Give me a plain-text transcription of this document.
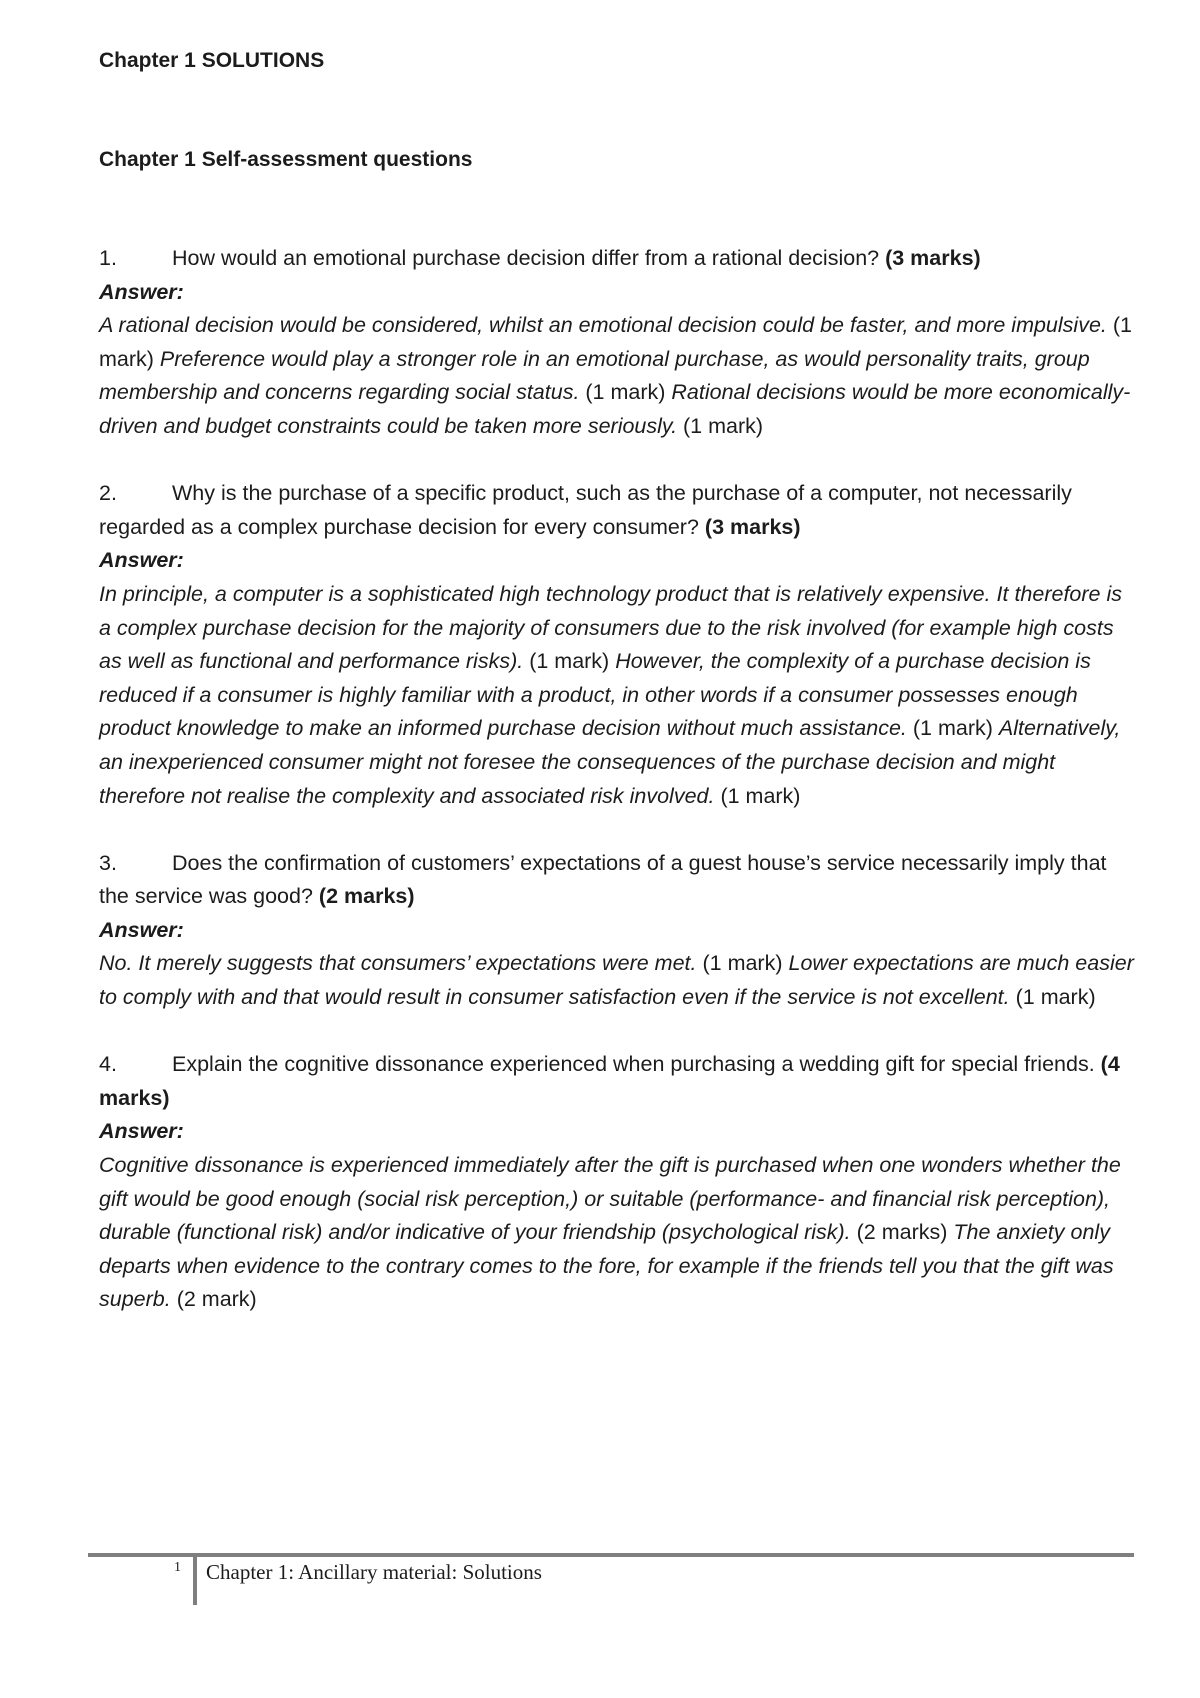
Chapter 1 SOLUTIONS
Chapter 1 Self-assessment questions

1.	How would an emotional purchase decision differ from a rational decision? (3 marks)

Answer:

A rational decision would be considered, whilst an emotional decision could be faster, and more impulsive. (1 mark) Preference would play a stronger role in an emotional purchase, as would personality traits, group membership and concerns regarding social status. (1 mark) Rational decisions would be more economically-driven and budget constraints could be taken more seriously. (1 mark)

2.	Why is the purchase of a specific product, such as the purchase of a computer, not necessarily regarded as a complex purchase decision for every consumer? (3 marks)

Answer:

In principle, a computer is a sophisticated high technology product that is relatively expensive. It therefore is a complex purchase decision for the majority of consumers due to the risk involved (for example high costs as well as functional and performance risks). (1 mark) However, the complexity of a purchase decision is reduced if a consumer is highly familiar with a product, in other words if a consumer possesses enough product knowledge to make an informed purchase decision without much assistance. (1 mark) Alternatively, an inexperienced consumer might not foresee the consequences of the purchase decision and might therefore not realise the complexity and associated risk involved. (1 mark)

3.	Does the confirmation of customers’ expectations of a guest house’s service necessarily imply that the service was good? (2 marks)

Answer:

No. It merely suggests that consumers’ expectations were met. (1 mark) Lower expectations are much easier to comply with and that would result in consumer satisfaction even if the service is not excellent. (1 mark)

4.	Explain the cognitive dissonance experienced when purchasing a wedding gift for special friends. (4 marks)

Answer:

Cognitive dissonance is experienced immediately after the gift is purchased when one wonders whether the gift would be good enough (social risk perception,) or suitable (performance- and financial risk perception), durable (functional risk) and/or indicative of your friendship (psychological risk). (2 marks) The anxiety only departs when evidence to the contrary comes to the fore, for example if the friends tell you that the gift was superb. (2 mark)

1 Chapter 1: Ancillary material: Solutions
